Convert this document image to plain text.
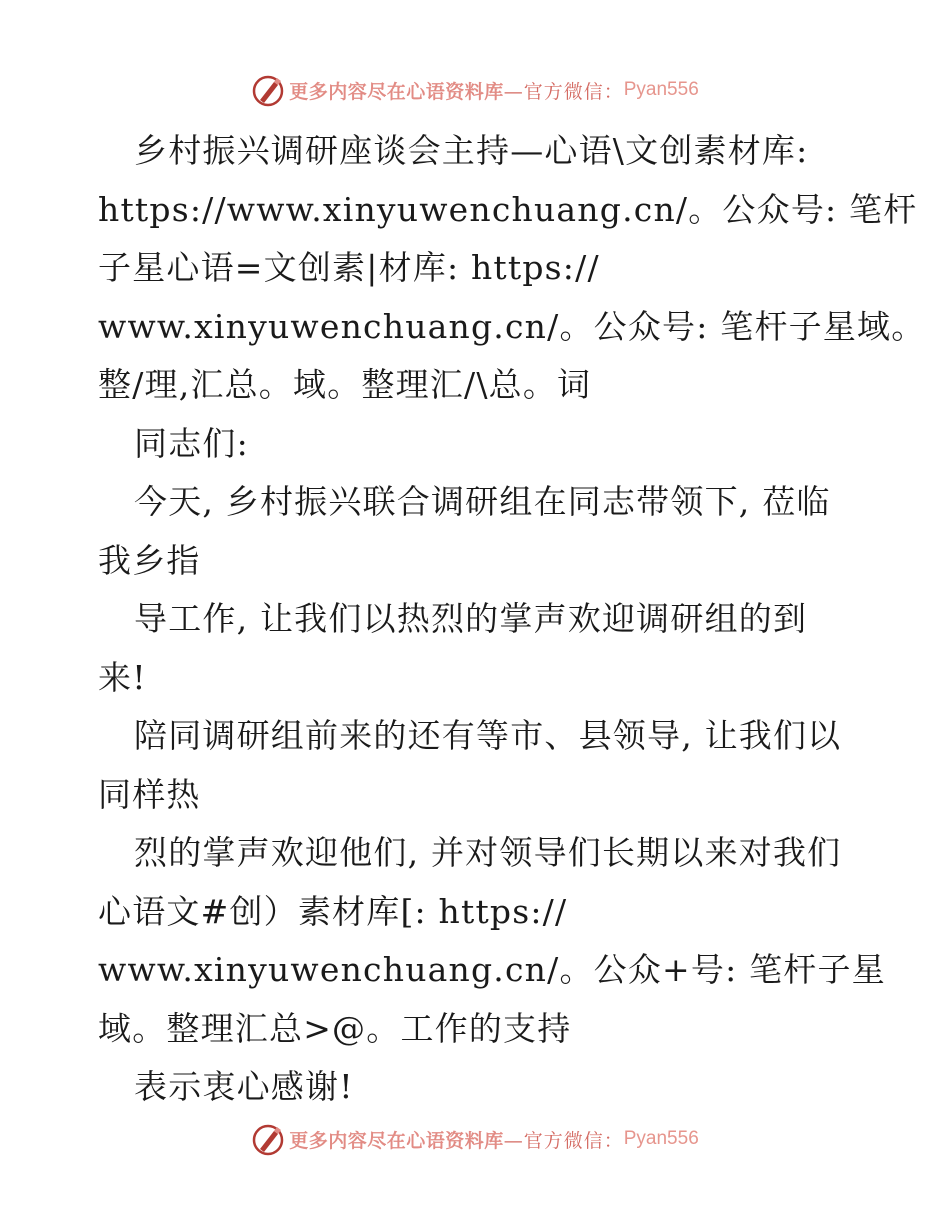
更多内容尽在心语资料库 —官方微信： Pyan556
乡村振兴调研座谈会主持—心语\文创素材库:
https://www.xinyuwenchuang.cn/。公众号: 笔杆
子星心语=文创素|材库: https://
www.xinyuwenchuang.cn/。公众号: 笔杆子星域。
整/理,汇总。域。整理汇/\总。词
同志们:
今天, 乡村振兴联合调研组在同志带领下, 莅临
我乡指
导工作, 让我们以热烈的掌声欢迎调研组的到
来!
陪同调研组前来的还有等市、县领导, 让我们以
同样热
烈的掌声欢迎他们, 并对领导们长期以来对我们
心语文#创）素材库[: https://
www.xinyuwenchuang.cn/。公众+号: 笔杆子星
域。整理汇总>@。工作的支持
表示衷心感谢!
更多内容尽在心语资料库 —官方微信： Pyan556
